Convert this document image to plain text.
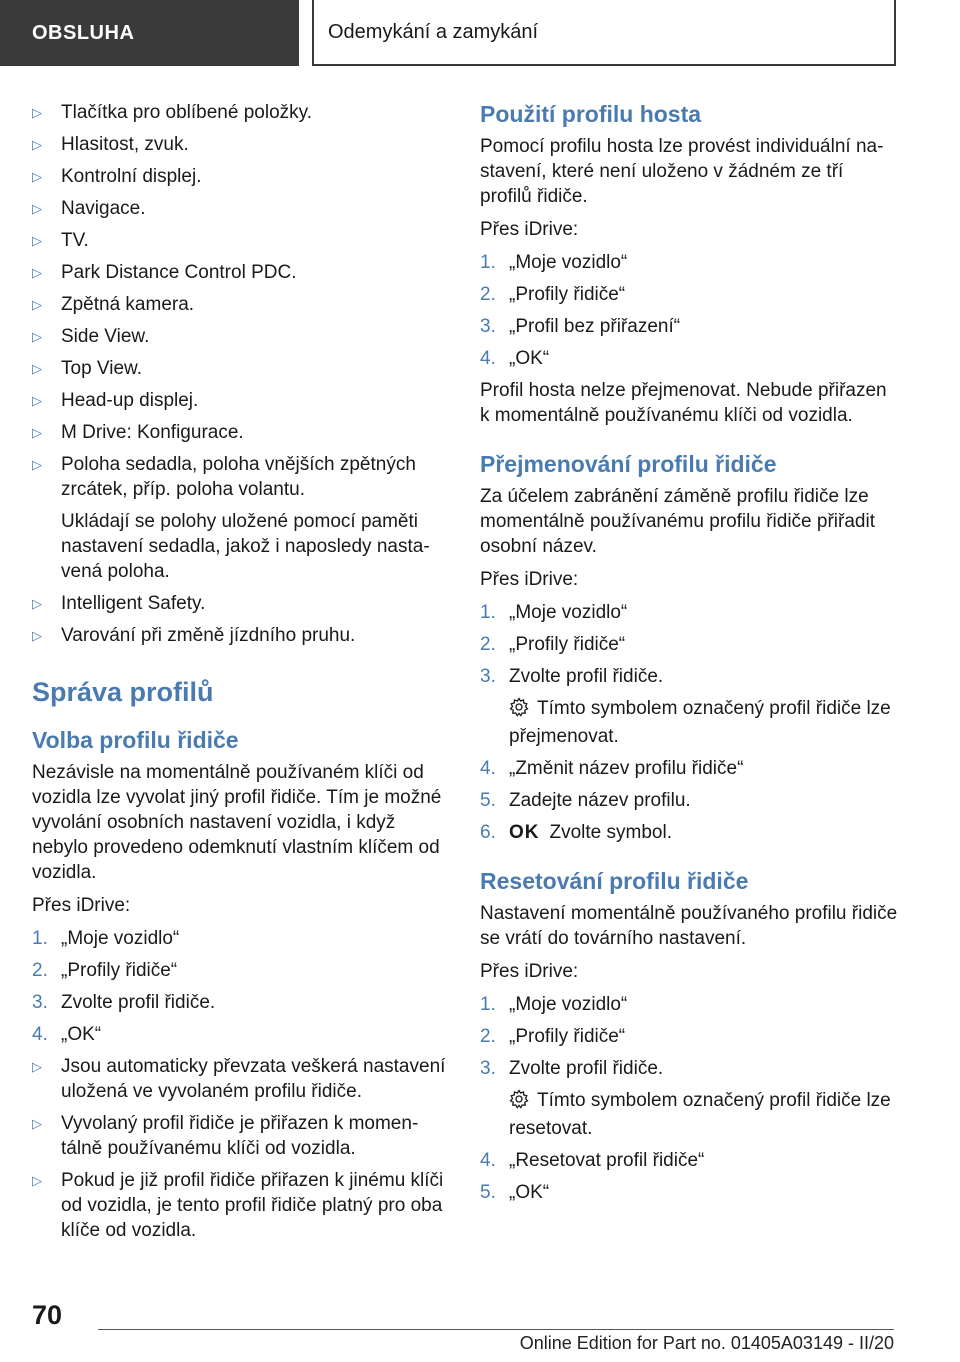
OBSLUHA	Odemykání a zamykání
▷ Tlačítka pro oblíbené položky.
▷ Hlasitost, zvuk.
▷ Kontrolní displej.
▷ Navigace.
▷ TV.
▷ Park Distance Control PDC.
▷ Zpětná kamera.
▷ Side View.
▷ Top View.
▷ Head-up displej.
▷ M Drive: Konfigurace.
▷ Poloha sedadla, poloha vnějších zpětných zrcátek, příp. poloha volantu.
Ukládají se polohy uložené pomocí paměti nastavení sedadla, jakož i naposledy nastavená poloha.
▷ Intelligent Safety.
▷ Varování při změně jízdního pruhu.
Správa profilů
Volba profilu řidiče
Nezávisle na momentálně používaném klíči od vozidla lze vyvolat jiný profil řidiče. Tím je možné vyvolání osobních nastavení vozidla, i když nebylo provedeno odemknutí vlastním klíčem od vozidla.
Přes iDrive:
1. „Moje vozidlo“
2. „Profily řidiče“
3. Zvolte profil řidiče.
4. „OK“
▷ Jsou automaticky převzata veškerá nastavení uložená ve vyvolaném profilu řidiče.
▷ Vyvolaný profil řidiče je přiřazen k momentálně používanému klíči od vozidla.
▷ Pokud je již profil řidiče přiřazen k jinému klíči od vozidla, je tento profil řidiče platný pro oba klíče od vozidla.
Použití profilu hosta
Pomocí profilu hosta lze provést individuální nastavení, které není uloženo v žádném ze tří profilů řidiče.
Přes iDrive:
1. „Moje vozidlo“
2. „Profily řidiče“
3. „Profil bez přiřazení“
4. „OK“
Profil hosta nelze přejmenovat. Nebude přiřazen k momentálně používanému klíči od vozidla.
Přejmenování profilu řidiče
Za účelem zabránění záměně profilu řidiče lze momentálně používanému profilu řidiče přiřadit osobní název.
Přes iDrive:
1. „Moje vozidlo“
2. „Profily řidiče“
3. Zvolte profil řidiče.
Tímto symbolem označený profil řidiče lze přejmenovat.
4. „Změnit název profilu řidiče“
5. Zadejte název profilu.
6. OK Zvolte symbol.
Resetování profilu řidiče
Nastavení momentálně používaného profilu řidiče se vrátí do továrního nastavení.
Přes iDrive:
1. „Moje vozidlo“
2. „Profily řidiče“
3. Zvolte profil řidiče.
Tímto symbolem označený profil řidiče lze resetovat.
4. „Resetovat profil řidiče“
5. „OK“
70
Online Edition for Part no. 01405A03149 - II/20
